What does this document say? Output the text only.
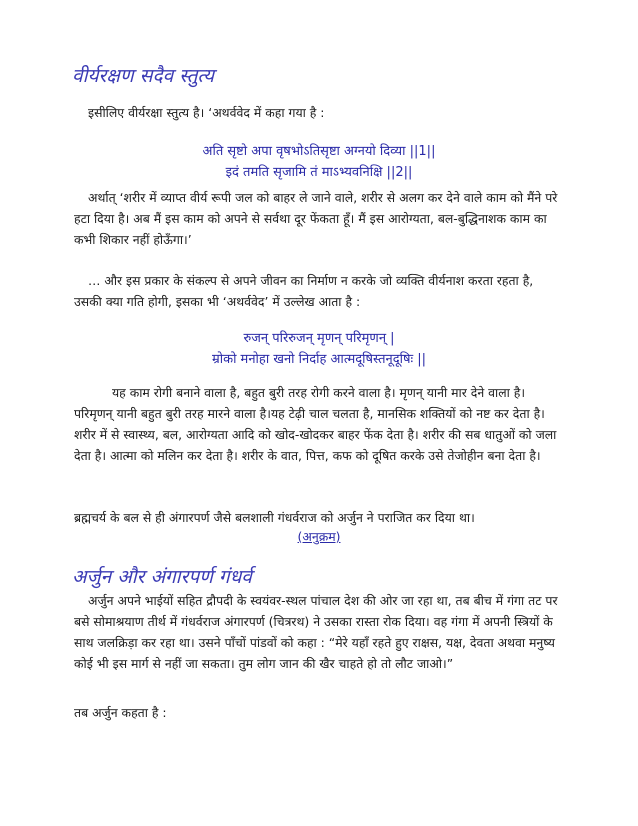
वीर्यरक्षण सदैव स्तुत्य
इसीलिए वीर्यरक्षा स्तुत्य है। ‘अथर्ववेद में कहा गया है :
अति सृष्टो अपा वृषभोऽतिसृष्टा अग्नयो दिव्या ||1||
इदं तमति सृजामि तं माऽभ्यवनिक्षि ||2||
अर्थात् ‘शरीर में व्याप्त वीर्य रूपी जल को बाहर ले जाने वाले, शरीर से अलग कर देने वाले काम को मैंने परे हटा दिया है। अब मैं इस काम को अपने से सर्वथा दूर फेंकता हूँ। मैं इस आरोग्यता, बल-बुद्धिनाशक काम का कभी शिकार नहीं होऊँगा।’
… और इस प्रकार के संकल्प से अपने जीवन का निर्माण न करके जो व्यक्ति वीर्यनाश करता रहता है, उसकी क्या गति होगी, इसका भी ‘अथर्ववेद’ में उल्लेख आता है :
रुजन् परिरुजन् मृणन् परिमृणन् |
म्रोको मनोहा खनो निर्दाह आत्मदूषिस्तनूदूषिः ||
यह काम रोगी बनाने वाला है, बहुत बुरी तरह रोगी करने वाला है। मृणन् यानी मार देने वाला है। परिमृणन् यानी बहुत बुरी तरह मारने वाला है।यह टेढ़ी चाल चलता है, मानसिक शक्तियों को नष्ट कर देता है। शरीर में से स्वास्थ्य, बल, आरोग्यता आदि को खोद-खोदकर बाहर फेंक देता है। शरीर की सब धातुओं को जला देता है। आत्मा को मलिन कर देता है। शरीर के वात, पित्त, कफ को दूषित करके उसे तेजोहीन बना देता है।
ब्रह्मचर्य के बल से ही अंगारपर्ण जैसे बलशाली गंधर्वराज को अर्जुन ने पराजित कर दिया था।
(अनुक्रम)
अर्जुन और अंगारपर्ण गंधर्व
अर्जुन अपने भाईयों सहित द्रौपदी के स्वयंवर-स्थल पांचाल देश की ओर जा रहा था, तब बीच में गंगा तट पर बसे सोमाश्रयाण तीर्थ में गंधर्वराज अंगारपर्ण (चित्ररथ) ने उसका रास्ता रोक दिया। वह गंगा में अपनी स्त्रियों के साथ जलक्रिड़ा कर रहा था। उसने पाँचों पांडवों को कहा : “मेरे यहाँ रहते हुए राक्षस, यक्ष, देवता अथवा मनुष्य कोई भी इस मार्ग से नहीं जा सकता। तुम लोग जान की खैर चाहते हो तो लौट जाओ।”
तब अर्जुन कहता है :
